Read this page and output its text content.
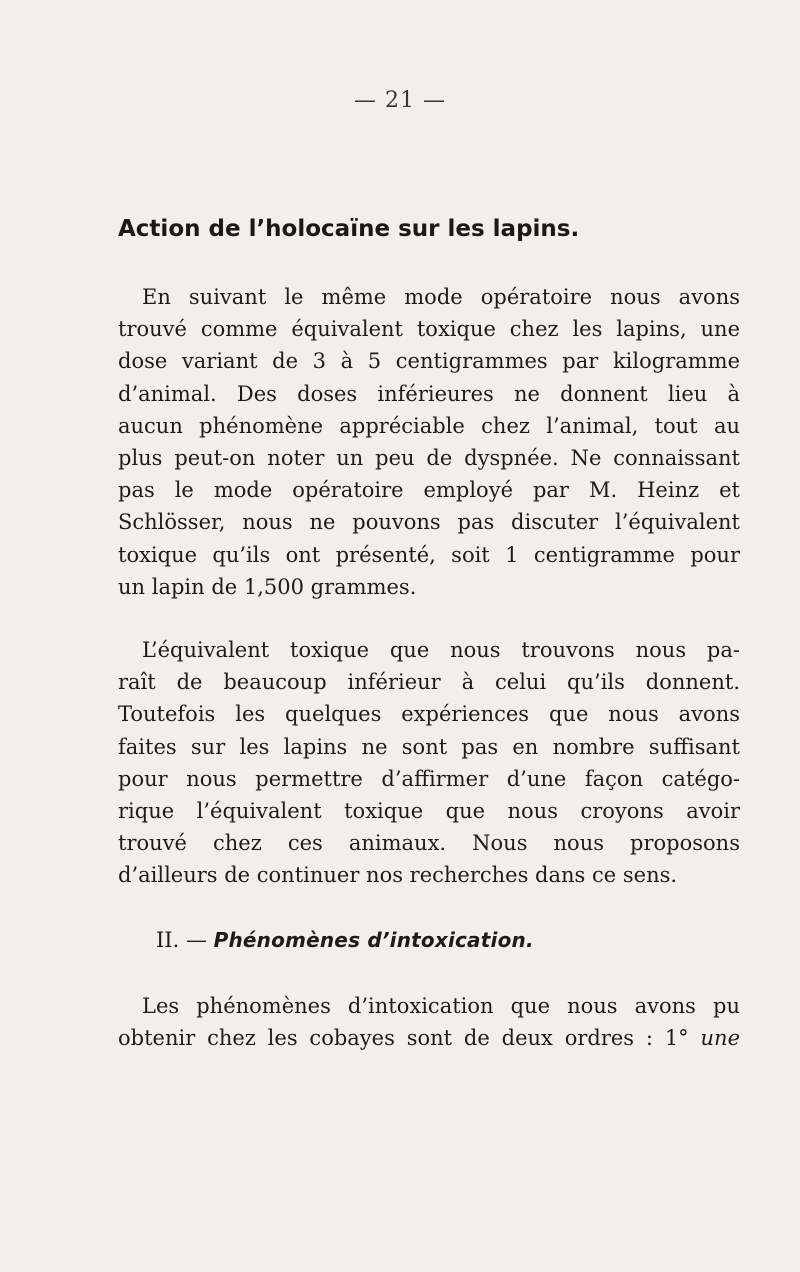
— 21 —
Action de l’holocaïne sur les lapins.
En suivant le même mode opératoire nous avons
trouvé comme équivalent toxique chez les lapins, une
dose variant de 3 à 5 centigrammes par kilogramme
d’animal. Des doses inférieures ne donnent lieu à
aucun phénomène appréciable chez l’animal, tout au
plus peut-on noter un peu de dyspnée. Ne connaissant
pas le mode opératoire employé par M. Heinz et
Schlösser, nous ne pouvons pas discuter l’équivalent
toxique qu’ils ont présenté, soit 1 centigramme pour
un lapin de 1,500 grammes.
L’équivalent toxique que nous trouvons nous pa-
raît de beaucoup inférieur à celui qu’ils donnent.
Toutefois les quelques expériences que nous avons
faites sur les lapins ne sont pas en nombre suffisant
pour nous permettre d’affirmer d’une façon catégo-
rique l’équivalent toxique que nous croyons avoir
trouvé chez ces animaux. Nous nous proposons
d’ailleurs de continuer nos recherches dans ce sens.
II. — Phénomènes d’intoxication.
Les phénomènes d’intoxication que nous avons pu
obtenir chez les cobayes sont de deux ordres : 1° une
